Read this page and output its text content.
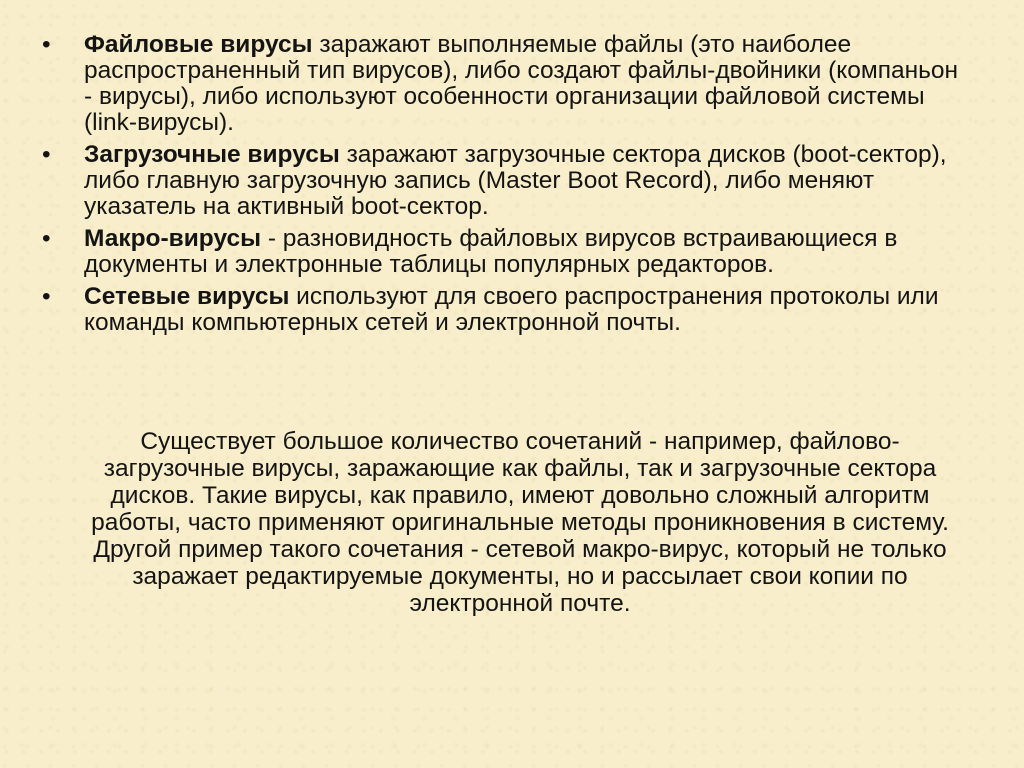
• Файловые вирусы заражают выполняемые файлы (это наиболее распространенный тип вирусов), либо создают файлы-двойники (компаньон - вирусы), либо используют особенности организации файловой системы (link-вирусы).
• Загрузочные вирусы заражают загрузочные сектора дисков (boot-сектор), либо главную загрузочную запись (Master Boot Record), либо меняют указатель на активный boot-сектор.
• Макро-вирусы - разновидность файловых вирусов встраивающиеся в документы и электронные таблицы популярных редакторов.
• Сетевые вирусы используют для своего распространения протоколы или команды компьютерных сетей и электронной почты.

Существует большое количество сочетаний - например, файлово-загрузочные вирусы, заражающие как файлы, так и загрузочные сектора дисков. Такие вирусы, как правило, имеют довольно сложный алгоритм работы, часто применяют оригинальные методы проникновения в систему. Другой пример такого сочетания - сетевой макро-вирус, который не только заражает редактируемые документы, но и рассылает свои копии по электронной почте.
